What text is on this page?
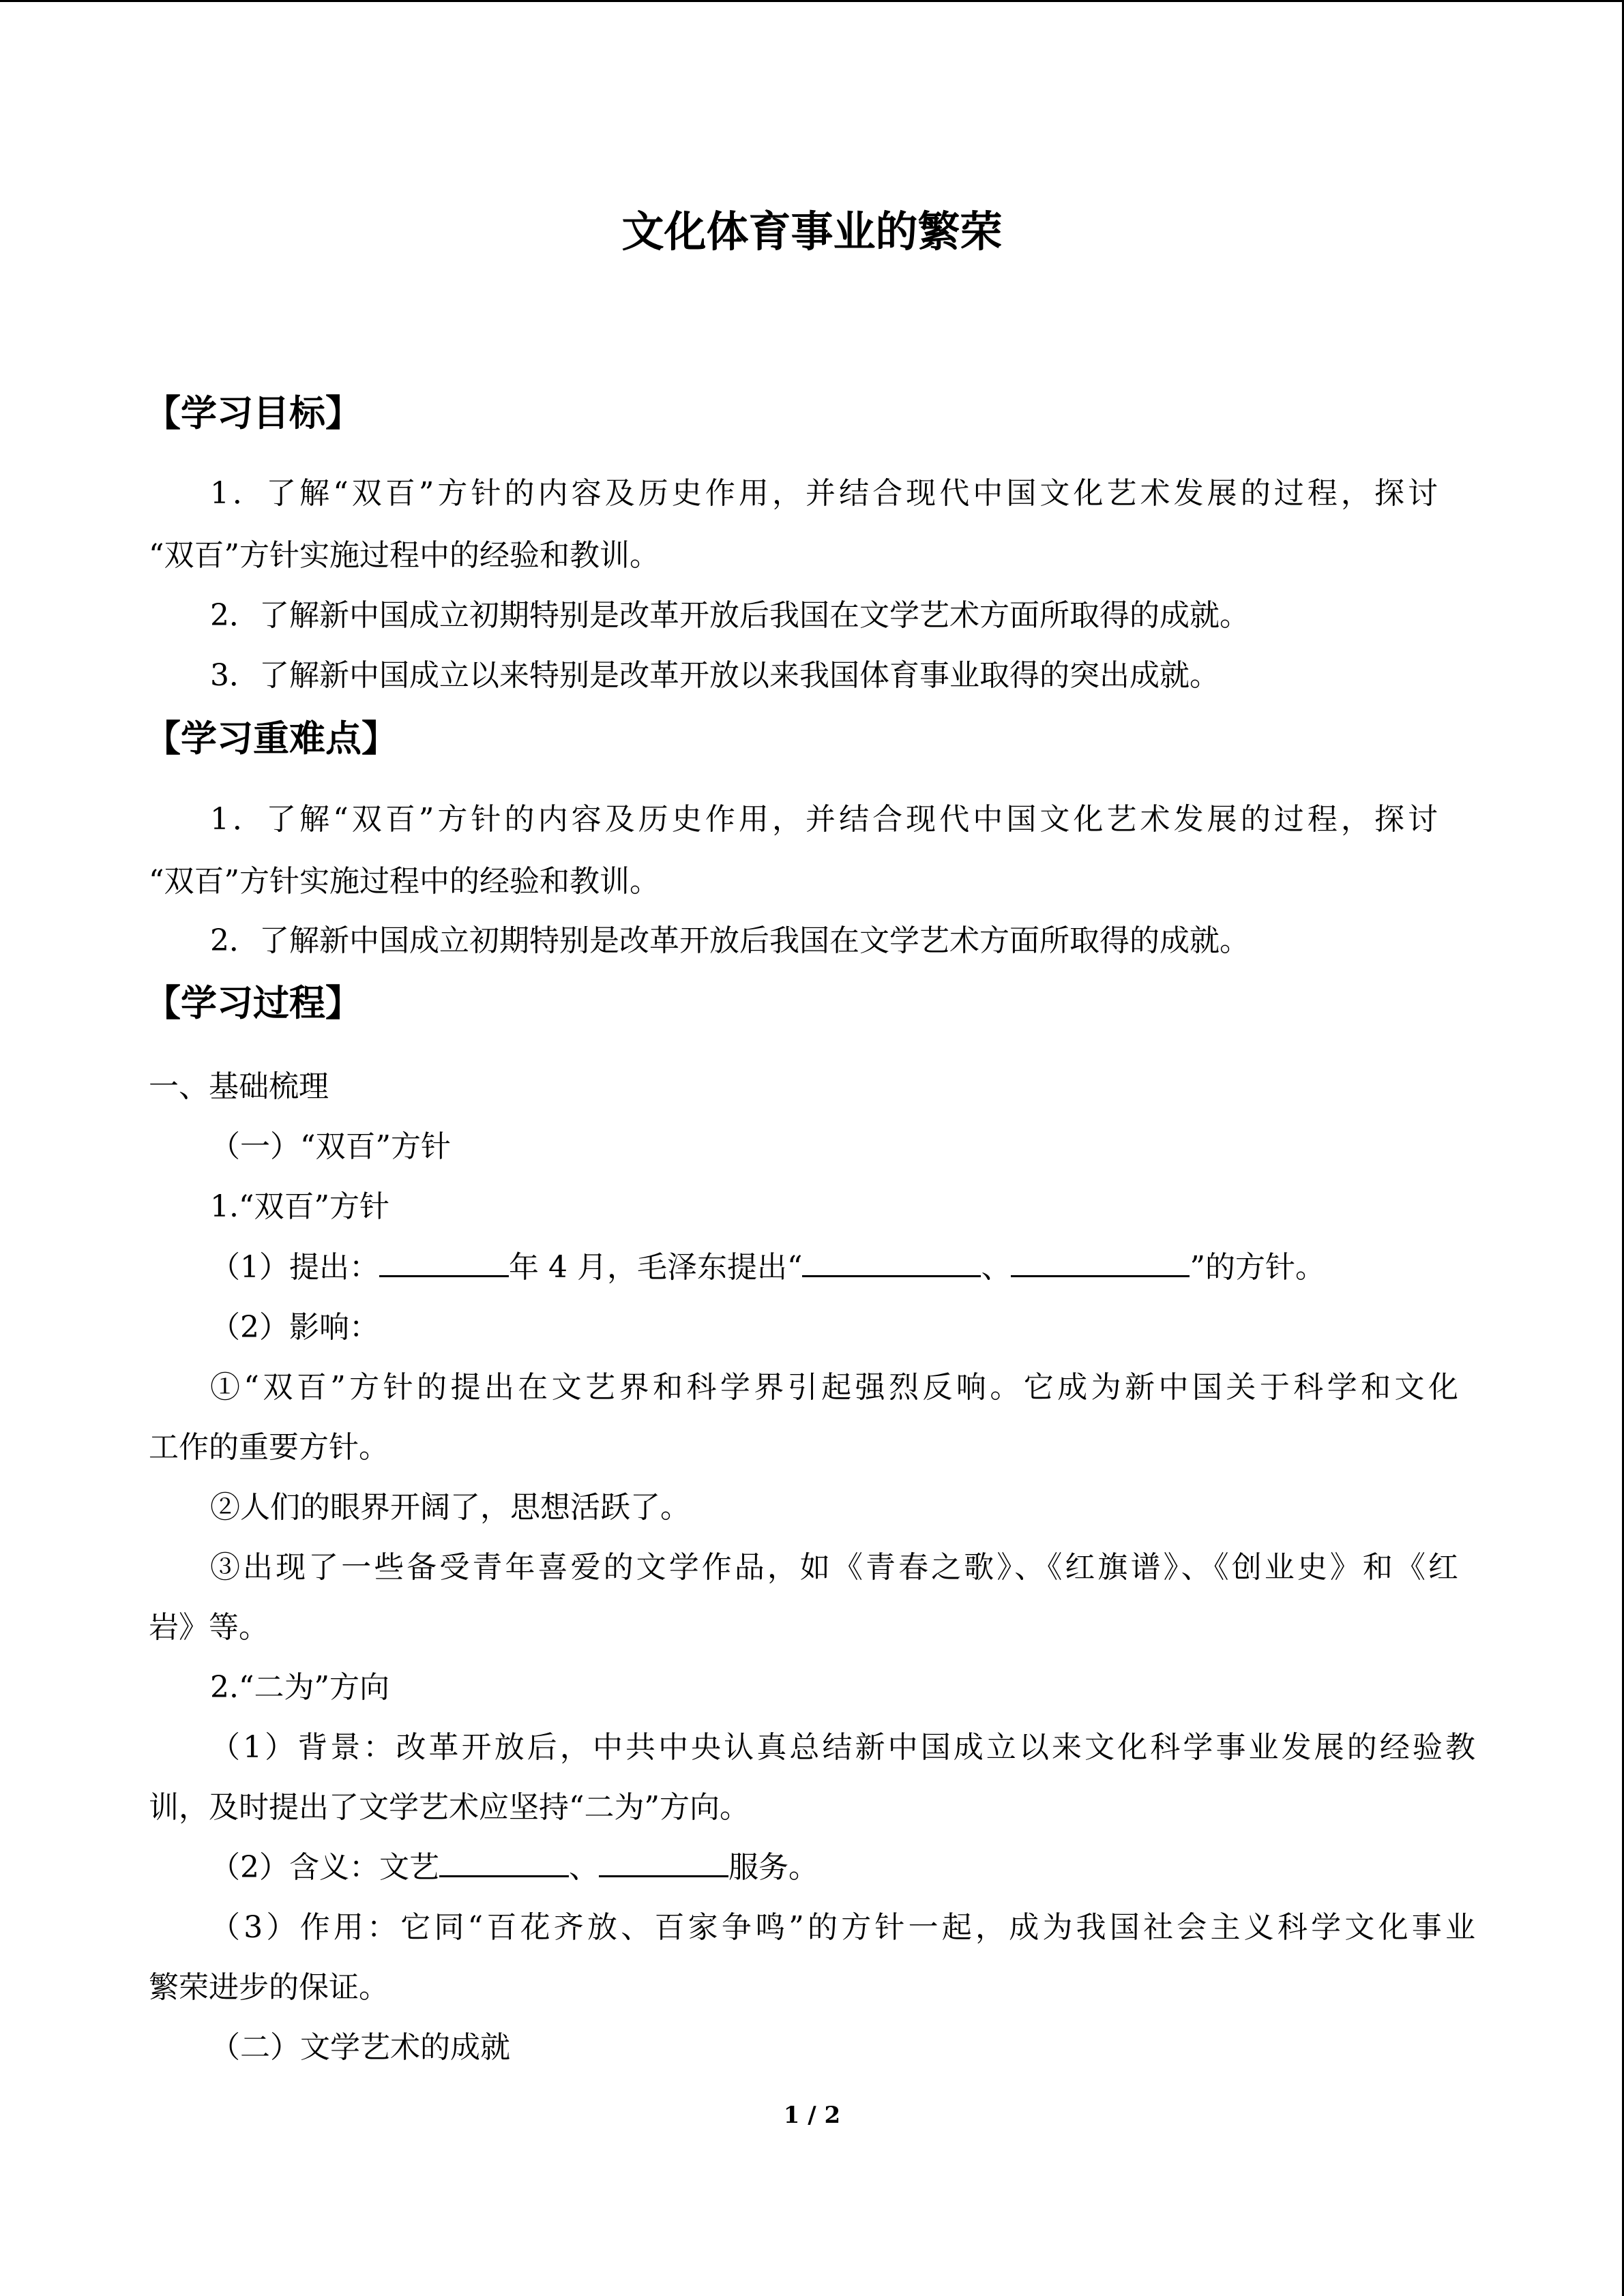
文化体育事业的繁荣
【学习目标】
1．了解“双百”方针的内容及历史作用，并结合现代中国文化艺术发展的过程，探讨
“双百”方针实施过程中的经验和教训。
2．了解新中国成立初期特别是改革开放后我国在文学艺术方面所取得的成就。
3．了解新中国成立以来特别是改革开放以来我国体育事业取得的突出成就。
【学习重难点】
1．了解“双百”方针的内容及历史作用，并结合现代中国文化艺术发展的过程，探讨
“双百”方针实施过程中的经验和教训。
2．了解新中国成立初期特别是改革开放后我国在文学艺术方面所取得的成就。
【学习过程】
一、基础梳理
（一）“双百”方针
1.“双百”方针
（1）提出：	年 4 月，毛泽东提出“	、	”的方针。
（2）影响：
①“双百”方针的提出在文艺界和科学界引起强烈反响。它成为新中国关于科学和文化
工作的重要方针。
②人们的眼界开阔了，思想活跃了。
③出现了一些备受青年喜爱的文学作品，如《青春之歌》、《红旗谱》、《创业史》和《红
岩》等。
2.“二为”方向
（1）背景：改革开放后，中共中央认真总结新中国成立以来文化科学事业发展的经验教
训，及时提出了文学艺术应坚持“二为”方向。
（2）含义：文艺	、	服务。
（3）作用：它同“百花齐放、百家争鸣”的方针一起，成为我国社会主义科学文化事业
繁荣进步的保证。
（二）文学艺术的成就
1 / 2
